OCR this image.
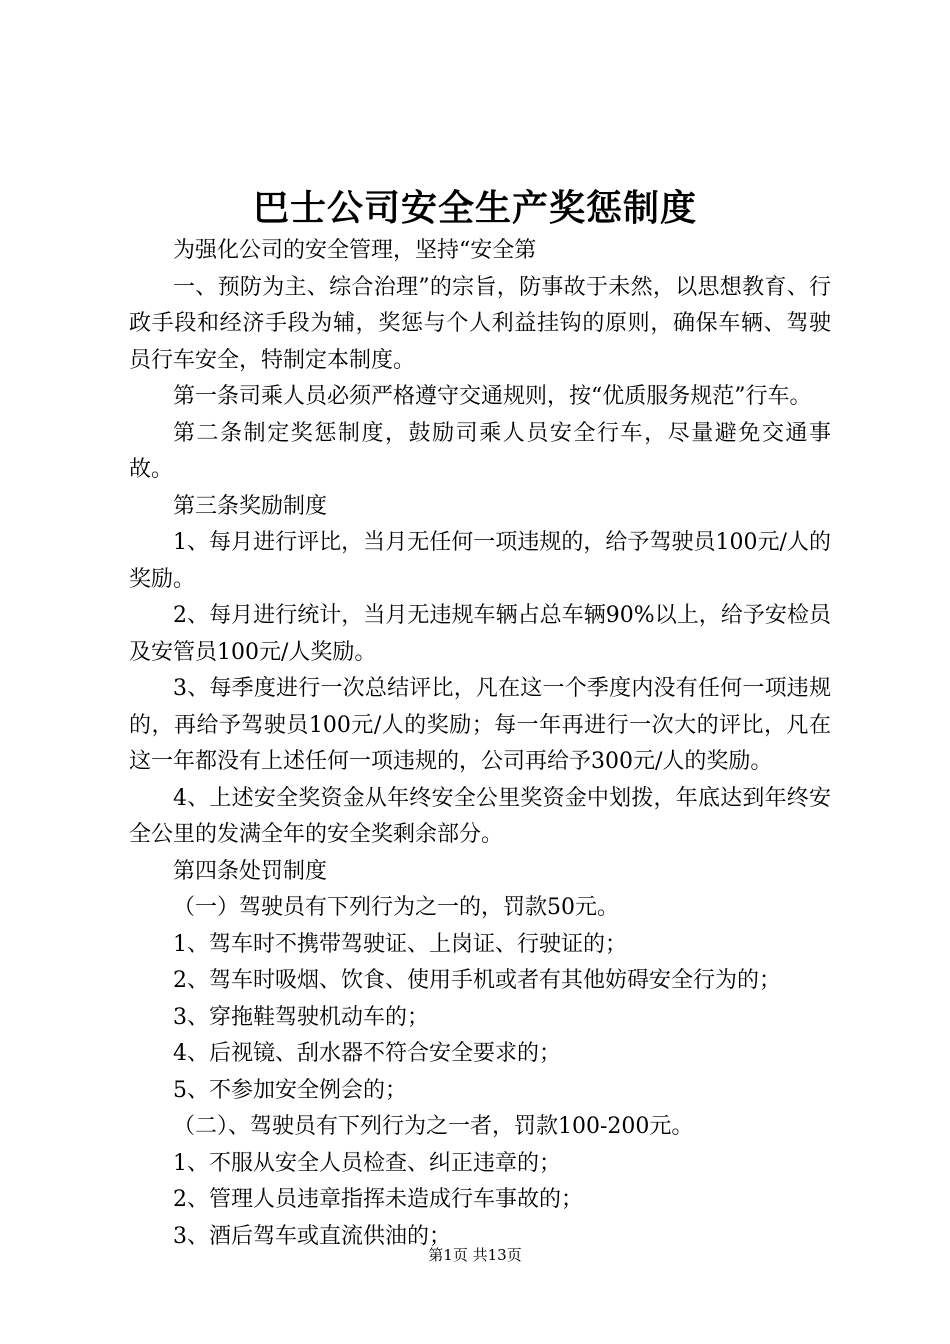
巴士公司安全生产奖惩制度

为强化公司的安全管理，坚持“安全第

一、预防为主、综合治理”的宗旨，防事故于未然，以思想教育、行政手段和经济手段为辅，奖惩与个人利益挂钩的原则，确保车辆、驾驶员行车安全，特制定本制度。

第一条司乘人员必须严格遵守交通规则，按“优质服务规范”行车。

第二条制定奖惩制度，鼓励司乘人员安全行车，尽量避免交通事故。

第三条奖励制度

1、每月进行评比，当月无任何一项违规的，给予驾驶员100元/人的奖励。

2、每月进行统计，当月无违规车辆占总车辆90%以上，给予安检员及安管员100元/人奖励。

3、每季度进行一次总结评比，凡在这一个季度内没有任何一项违规的，再给予驾驶员100元/人的奖励；每一年再进行一次大的评比，凡在这一年都没有上述任何一项违规的，公司再给予300元/人的奖励。

4、上述安全奖资金从年终安全公里奖资金中划拨，年底达到年终安全公里的发满全年的安全奖剩余部分。

第四条处罚制度

（一）驾驶员有下列行为之一的，罚款50元。

1、驾车时不携带驾驶证、上岗证、行驶证的；

2、驾车时吸烟、饮食、使用手机或者有其他妨碍安全行为的；

3、穿拖鞋驾驶机动车的；

4、后视镜、刮水器不符合安全要求的；

5、不参加安全例会的；

（二）、驾驶员有下列行为之一者，罚款100-200元。

1、不服从安全人员检查、纠正违章的；

2、管理人员违章指挥未造成行车事故的；

3、酒后驾车或直流供油的；

第1页 共13页
